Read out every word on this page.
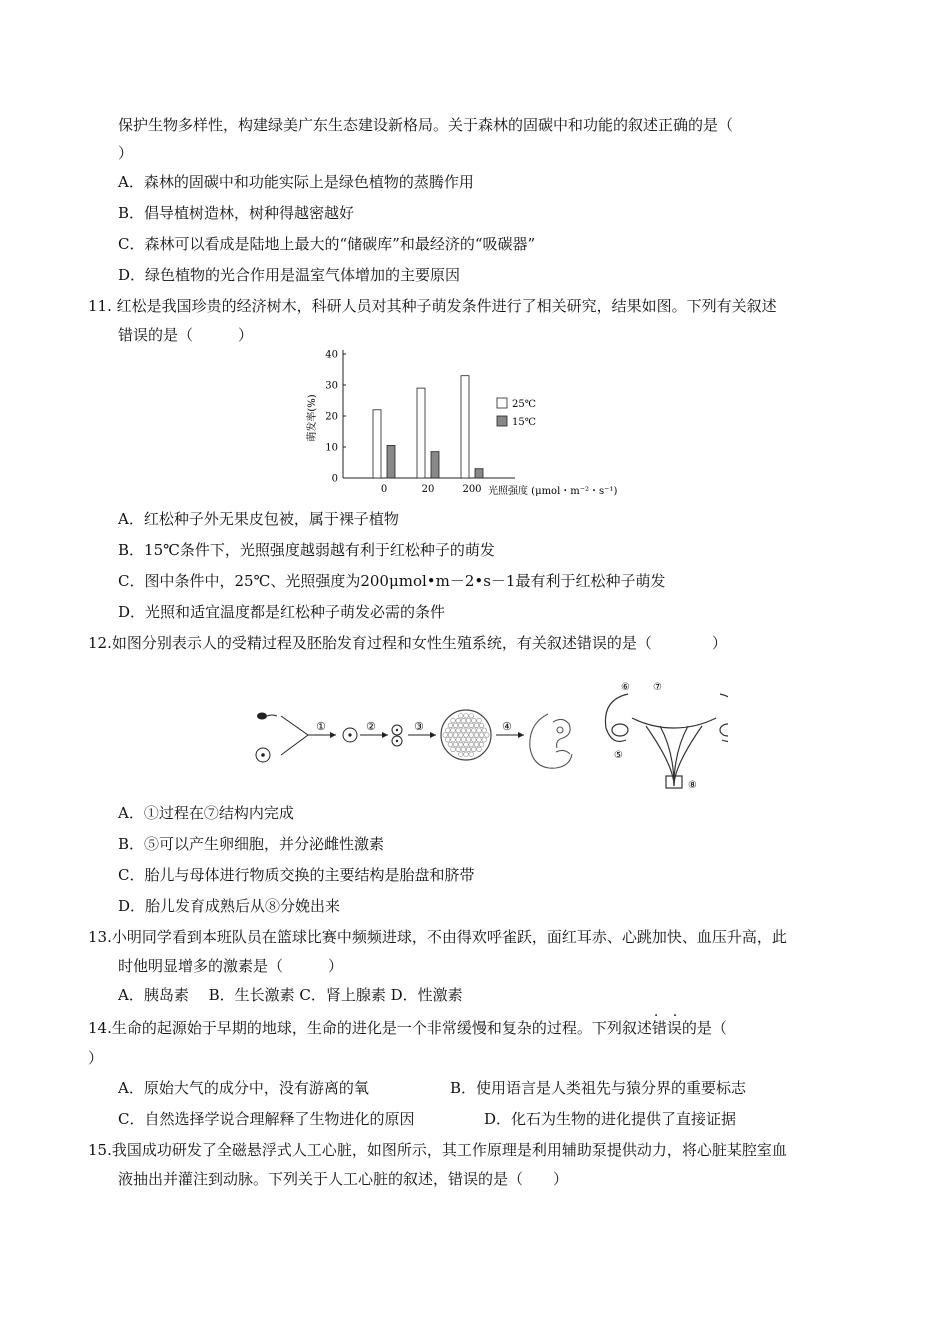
保护生物多样性，构建绿美广东生态建设新格局。关于森林的固碳中和功能的叙述正确的是（
）
A．森林的固碳中和功能实际上是绿色植物的蒸腾作用
B．倡导植树造林，树种得越密越好
C．森林可以看成是陆地上最大的“储碳库”和最经济的“吸碳器”
D．绿色植物的光合作用是温室气体增加的主要原因
11. 红松是我国珍贵的经济树木，科研人员对其种子萌发条件进行了相关研究，结果如图。下列有关叙述
错误的是（　　　）
0
10
20
30
40
0	20	200
25℃
15℃
萌发率(%)
光照强度 (μmol・m⁻²・s⁻¹)
A．红松种子外无果皮包被，属于裸子植物
B．15℃条件下，光照强度越弱越有利于红松种子的萌发
C．图中条件中，25℃、光照强度为200μmol•m－2•s－1最有利于红松种子萌发
D．光照和适宜温度都是红松种子萌发必需的条件
12.如图分别表示人的受精过程及胚胎发育过程和女性生殖系统，有关叙述错误的是（　　　　）
①	②	③	④
⑥ ⑦
⑤
⑧
A．①过程在⑦结构内完成
B．⑤可以产生卵细胞，并分泌雌性激素
C．胎儿与母体进行物质交换的主要结构是胎盘和脐带
D．胎儿发育成熟后从⑧分娩出来
13.小明同学看到本班队员在篮球比赛中频频进球，不由得欢呼雀跃，面红耳赤、心跳加快、血压升高，此
时他明显增多的激素是（　　　）
A．胰岛素　 B．生长激素 C．肾上腺素 D．性激素
14.生命的起源始于早期的地球，生命的进化是一个非常缓慢和复杂的过程。下列叙述· · 错误的是（
）
A．原始大气的成分中，没有游离的氧	B．使用语言是人类祖先与猿分界的重要标志
C．自然选择学说合理解释了生物进化的原因	D．化石为生物的进化提供了直接证据
15.我国成功研发了全磁悬浮式人工心脏，如图所示，其工作原理是利用辅助泵提供动力，将心脏某腔室血
液抽出并灌注到动脉。下列关于人工心脏的叙述，错误的是（　　）
